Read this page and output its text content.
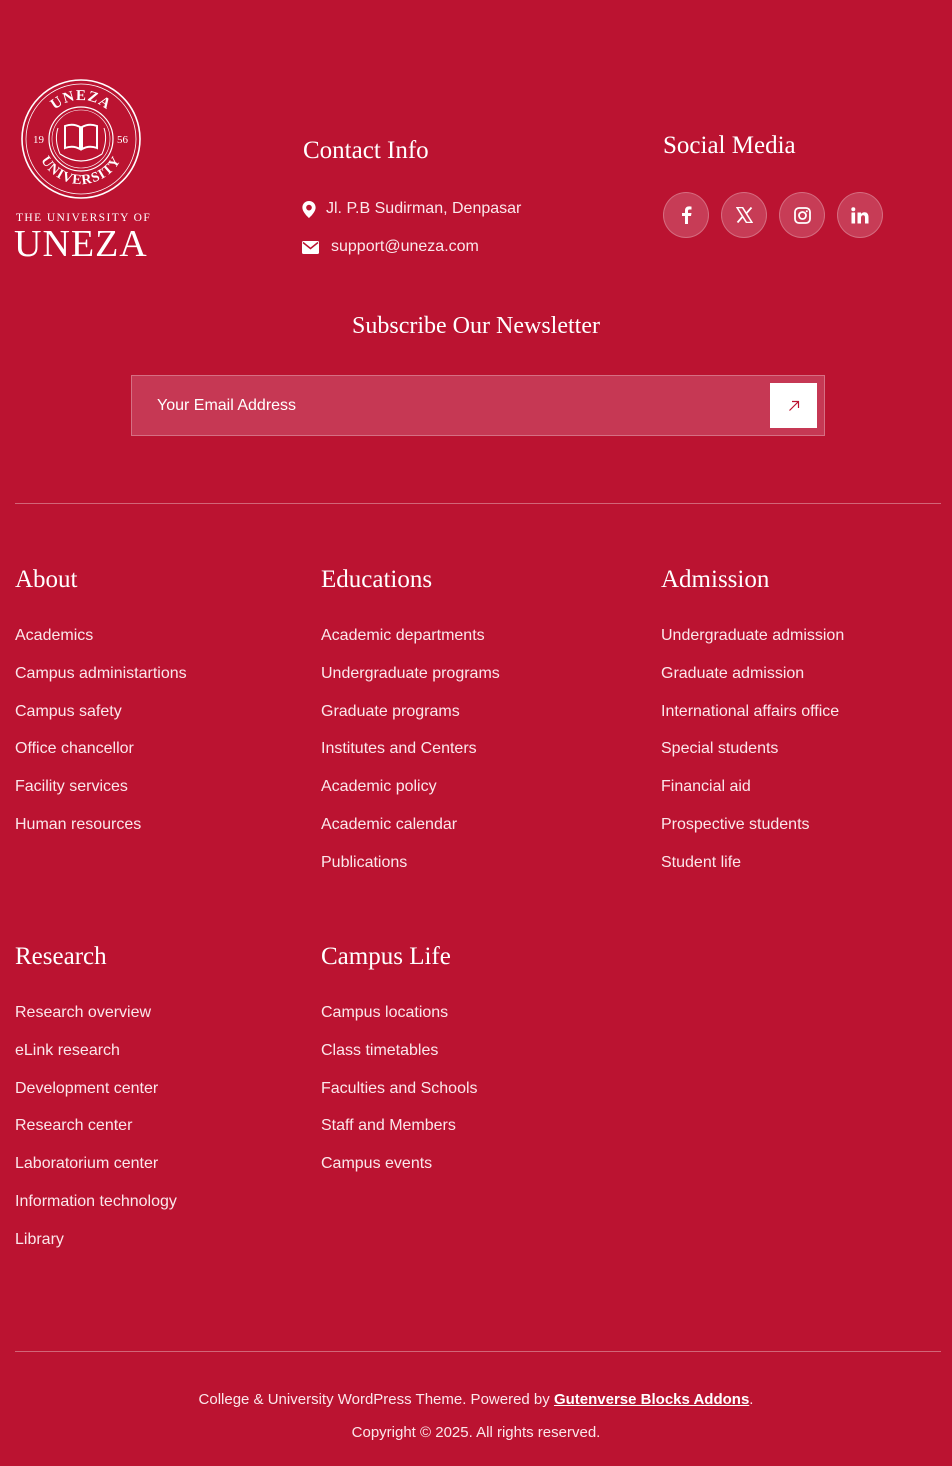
UNEZA
UNIVERSITY
19	56
THE UNIVERSITY OF
UNEZA
Contact Info
Jl. P.B Sudirman, Denpasar
support@uneza.com
Social Media
Subscribe Our Newsletter
Your Email Address
About
Academics
Campus administartions
Campus safety
Office chancellor
Facility services
Human resources
Educations
Academic departments
Undergraduate programs
Graduate programs
Institutes and Centers
Academic policy
Academic calendar
Publications
Admission
Undergraduate admission
Graduate admission
International affairs office
Special students
Financial aid
Prospective students
Student life
Research
Research overview
eLink research
Development center
Research center
Laboratorium center
Information technology
Library
Campus Life
Campus locations
Class timetables
Faculties and Schools
Staff and Members
Campus events
College & University WordPress Theme. Powered by Gutenverse Blocks Addons.
Copyright © 2025. All rights reserved.
